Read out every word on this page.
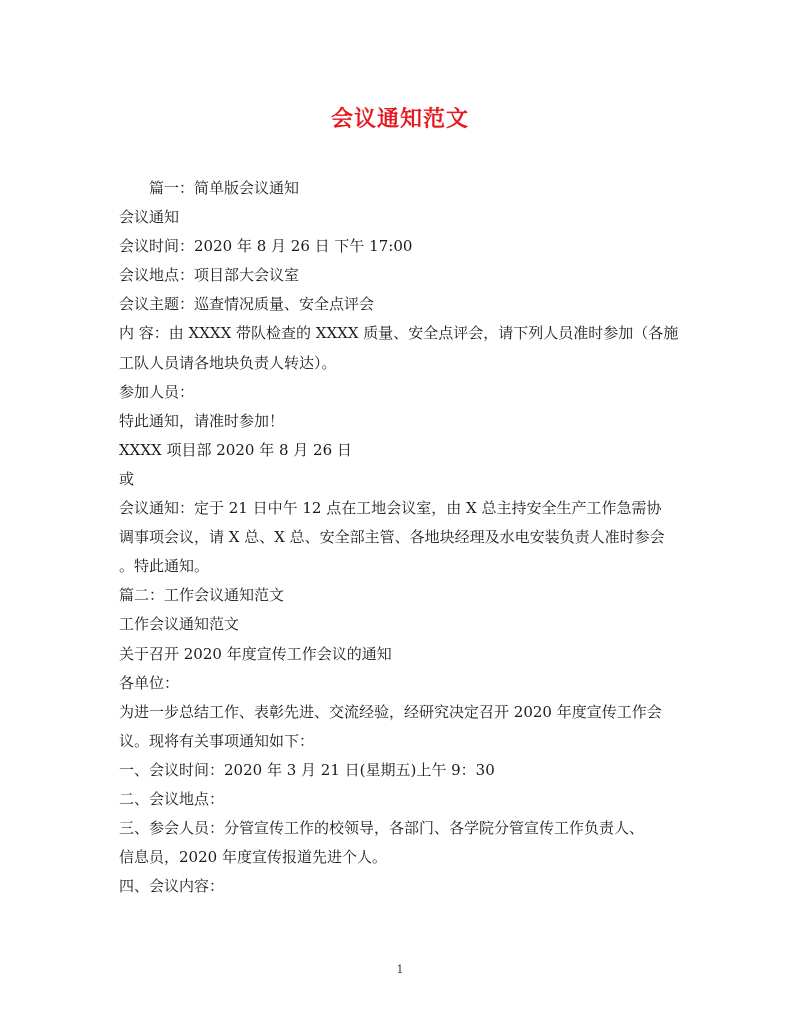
会议通知范文
篇一：简单版会议通知
会议通知
会议时间：2020 年 8 月 26 日 下午 17:00
会议地点：项目部大会议室
会议主题：巡查情况质量、安全点评会
内 容：由 XXXX 带队检查的 XXXX 质量、安全点评会，请下列人员准时参加（各施
工队人员请各地块负责人转达）。
参加人员：
特此通知，请准时参加！
XXXX 项目部 2020 年 8 月 26 日
或
会议通知：定于 21 日中午 12 点在工地会议室，由 X 总主持安全生产工作急需协
调事项会议，请 X 总、X 总、安全部主管、各地块经理及水电安装负责人准时参会
。特此通知。
篇二：工作会议通知范文
工作会议通知范文
关于召开 2020 年度宣传工作会议的通知
各单位：
为进一步总结工作、表彰先进、交流经验，经研究决定召开 2020 年度宣传工作会
议。现将有关事项通知如下：
一、会议时间：2020 年 3 月 21 日(星期五)上午 9：30
二、会议地点：
三、参会人员：分管宣传工作的校领导，各部门、各学院分管宣传工作负责人、
信息员，2020 年度宣传报道先进个人。
四、会议内容：
1
